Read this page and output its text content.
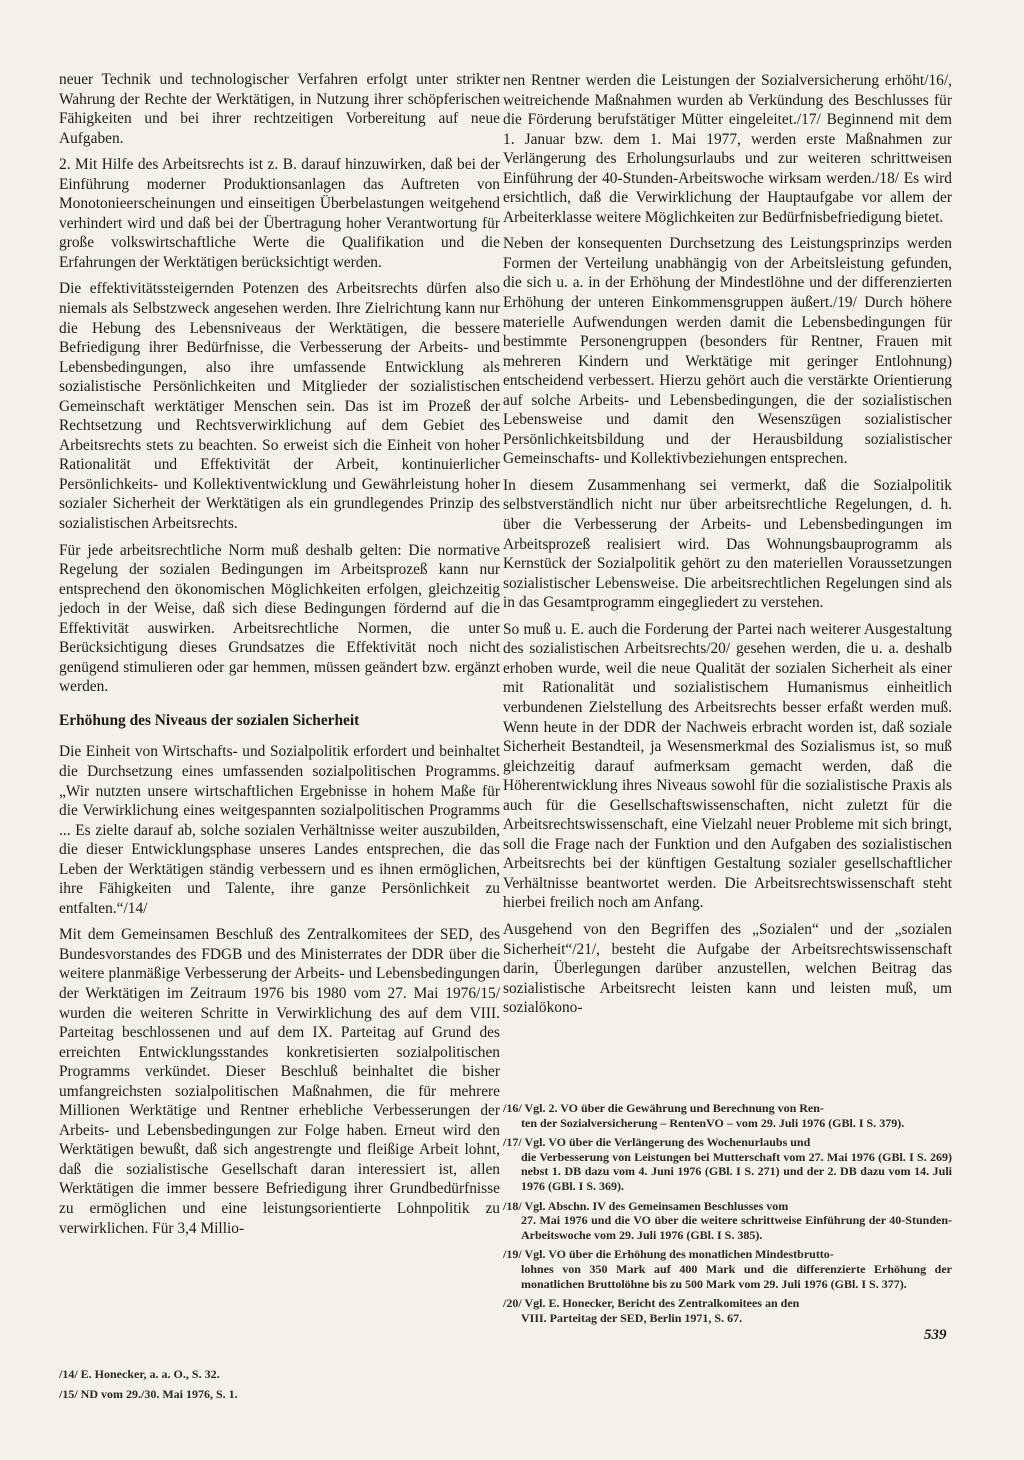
neuer Technik und technologischer Verfahren erfolgt unter strikter Wahrung der Rechte der Werktätigen, in Nutzung ihrer schöpferischen Fähigkeiten und bei ihrer rechtzeitigen Vorbereitung auf neue Aufgaben.

2. Mit Hilfe des Arbeitsrechts ist z. B. darauf hinzuwirken, daß bei der Einführung moderner Produktionsanlagen das Auftreten von Monotonieerscheinungen und einseitigen Überbelastungen weitgehend verhindert wird und daß bei der Übertragung hoher Verantwortung für große volkswirtschaftliche Werte die Qualifikation und die Erfahrungen der Werktätigen berücksichtigt werden.

Die effektivitätssteigernden Potenzen des Arbeitsrechts dürfen also niemals als Selbstzweck angesehen werden. Ihre Zielrichtung kann nur die Hebung des Lebensniveaus der Werktätigen, die bessere Befriedigung ihrer Bedürfnisse, die Verbesserung der Arbeits- und Lebensbedingungen, also ihre umfassende Entwicklung als sozialistische Persönlichkeiten und Mitglieder der sozialistischen Gemeinschaft werktätiger Menschen sein. Das ist im Prozeß der Rechtsetzung und Rechtsverwirklichung auf dem Gebiet des Arbeitsrechts stets zu beachten. So erweist sich die Einheit von hoher Rationalität und Effektivität der Arbeit, kontinuierlicher Persönlichkeits- und Kollektiventwicklung und Gewährleistung hoher sozialer Sicherheit der Werktätigen als ein grundlegendes Prinzip des sozialistischen Arbeitsrechts.

Für jede arbeitsrechtliche Norm muß deshalb gelten: Die normative Regelung der sozialen Bedingungen im Arbeitsprozeß kann nur entsprechend den ökonomischen Möglichkeiten erfolgen, gleichzeitig jedoch in der Weise, daß sich diese Bedingungen fördernd auf die Effektivität auswirken. Arbeitsrechtliche Normen, die unter Berücksichtigung dieses Grundsatzes die Effektivität noch nicht genügend stimulieren oder gar hemmen, müssen geändert bzw. ergänzt werden.

Erhöhung des Niveaus der sozialen Sicherheit

Die Einheit von Wirtschafts- und Sozialpolitik erfordert und beinhaltet die Durchsetzung eines umfassenden sozialpolitischen Programms. „Wir nutzten unsere wirtschaftlichen Ergebnisse in hohem Maße für die Verwirklichung eines weitgespannten sozialpolitischen Programms ... Es zielte darauf ab, solche sozialen Verhältnisse weiter auszubilden, die dieser Entwicklungsphase unseres Landes entsprechen, die das Leben der Werktätigen ständig verbessern und es ihnen ermöglichen, ihre Fähigkeiten und Talente, ihre ganze Persönlichkeit zu entfalten.“/14/

Mit dem Gemeinsamen Beschluß des Zentralkomitees der SED, des Bundesvorstandes des FDGB und des Ministerrates der DDR über die weitere planmäßige Verbesserung der Arbeits- und Lebensbedingungen der Werktätigen im Zeitraum 1976 bis 1980 vom 27. Mai 1976/15/ wurden die weiteren Schritte in Verwirklichung des auf dem VIII. Parteitag beschlossenen und auf dem IX. Parteitag auf Grund des erreichten Entwicklungsstandes konkretisierten sozialpolitischen Programms verkündet. Dieser Beschluß beinhaltet die bisher umfangreichsten sozialpolitischen Maßnahmen, die für mehrere Millionen Werktätige und Rentner erhebliche Verbesserungen der Arbeits- und Lebensbedingungen zur Folge haben. Erneut wird den Werktätigen bewußt, daß sich angestrengte und fleißige Arbeit lohnt, daß die sozialistische Gesellschaft daran interessiert ist, allen Werktätigen die immer bessere Befriedigung ihrer Grundbedürfnisse zu ermöglichen und eine leistungsorientierte Lohnpolitik zu verwirklichen. Für 3,4 Millio-

/14/ E. Honecker, a. a. O., S. 32.
/15/ ND vom 29./30. Mai 1976, S. 1.

nen Rentner werden die Leistungen der Sozialversicherung erhöht/16/, weitreichende Maßnahmen wurden ab Verkündung des Beschlusses für die Förderung berufstätiger Mütter eingeleitet./17/ Beginnend mit dem 1. Januar bzw. dem 1. Mai 1977, werden erste Maßnahmen zur Verlängerung des Erholungsurlaubs und zur weiteren schrittweisen Einführung der 40-Stunden-Arbeitswoche wirksam werden./18/ Es wird ersichtlich, daß die Verwirklichung der Hauptaufgabe vor allem der Arbeiterklasse weitere Möglichkeiten zur Bedürfnisbefriedigung bietet.

Neben der konsequenten Durchsetzung des Leistungsprinzips werden Formen der Verteilung unabhängig von der Arbeitsleistung gefunden, die sich u. a. in der Erhöhung der Mindestlöhne und der differenzierten Erhöhung der unteren Einkommensgruppen äußert./19/ Durch höhere materielle Aufwendungen werden damit die Lebensbedingungen für bestimmte Personengruppen (besonders für Rentner, Frauen mit mehreren Kindern und Werktätige mit geringer Entlohnung) entscheidend verbessert. Hierzu gehört auch die verstärkte Orientierung auf solche Arbeits- und Lebensbedingungen, die der sozialistischen Lebensweise und damit den Wesenszügen sozialistischer Persönlichkeitsbildung und der Herausbildung sozialistischer Gemeinschafts- und Kollektivbeziehungen entsprechen.

In diesem Zusammenhang sei vermerkt, daß die Sozialpolitik selbstverständlich nicht nur über arbeitsrechtliche Regelungen, d. h. über die Verbesserung der Arbeits- und Lebensbedingungen im Arbeitsprozeß realisiert wird. Das Wohnungsbauprogramm als Kernstück der Sozialpolitik gehört zu den materiellen Voraussetzungen sozialistischer Lebensweise. Die arbeitsrechtlichen Regelungen sind als in das Gesamtprogramm eingegliedert zu verstehen.

So muß u. E. auch die Forderung der Partei nach weiterer Ausgestaltung des sozialistischen Arbeitsrechts/20/ gesehen werden, die u. a. deshalb erhoben wurde, weil die neue Qualität der sozialen Sicherheit als einer mit Rationalität und sozialistischem Humanismus einheitlich verbundenen Zielstellung des Arbeitsrechts besser erfaßt werden muß. Wenn heute in der DDR der Nachweis erbracht worden ist, daß soziale Sicherheit Bestandteil, ja Wesensmerkmal des Sozialismus ist, so muß gleichzeitig darauf aufmerksam gemacht werden, daß die Höherentwicklung ihres Niveaus sowohl für die sozialistische Praxis als auch für die Gesellschaftswissenschaften, nicht zuletzt für die Arbeitsrechtswissenschaft, eine Vielzahl neuer Probleme mit sich bringt, soll die Frage nach der Funktion und den Aufgaben des sozialistischen Arbeitsrechts bei der künftigen Gestaltung sozialer gesellschaftlicher Verhältnisse beantwortet werden. Die Arbeitsrechtswissenschaft steht hierbei freilich noch am Anfang.

Ausgehend von den Begriffen des „Sozialen“ und der „sozialen Sicherheit“/21/, besteht die Aufgabe der Arbeitsrechtswissenschaft darin, Überlegungen darüber anzustellen, welchen Beitrag das sozialistische Arbeitsrecht leisten kann und leisten muß, um sozialökono-

/16/ Vgl. 2. VO über die Gewährung und Berechnung von Ren-
ten der Sozialversicherung – RentenVO – vom 29. Juli 1976 (GBl. I S. 379).
/17/ Vgl. VO über die Verlängerung des Wochenurlaubs und
die Verbesserung von Leistungen bei Mutterschaft vom 27. Mai 1976 (GBl. I S. 269) nebst 1. DB dazu vom 4. Juni 1976 (GBl. I S. 271) und der 2. DB dazu vom 14. Juli 1976 (GBl. I S. 369).
/18/ Vgl. Abschn. IV des Gemeinsamen Beschlusses vom
27. Mai 1976 und die VO über die weitere schrittweise Einführung der 40-Stunden-Arbeitswoche vom 29. Juli 1976 (GBl. I S. 385).
/19/ Vgl. VO über die Erhöhung des monatlichen Mindestbrutto-
lohnes von 350 Mark auf 400 Mark und die differenzierte Erhöhung der monatlichen Bruttolöhne bis zu 500 Mark vom 29. Juli 1976 (GBl. I S. 377).
/20/ Vgl. E. Honecker, Bericht des Zentralkomitees an den
VIII. Parteitag der SED, Berlin 1971, S. 67.
539
